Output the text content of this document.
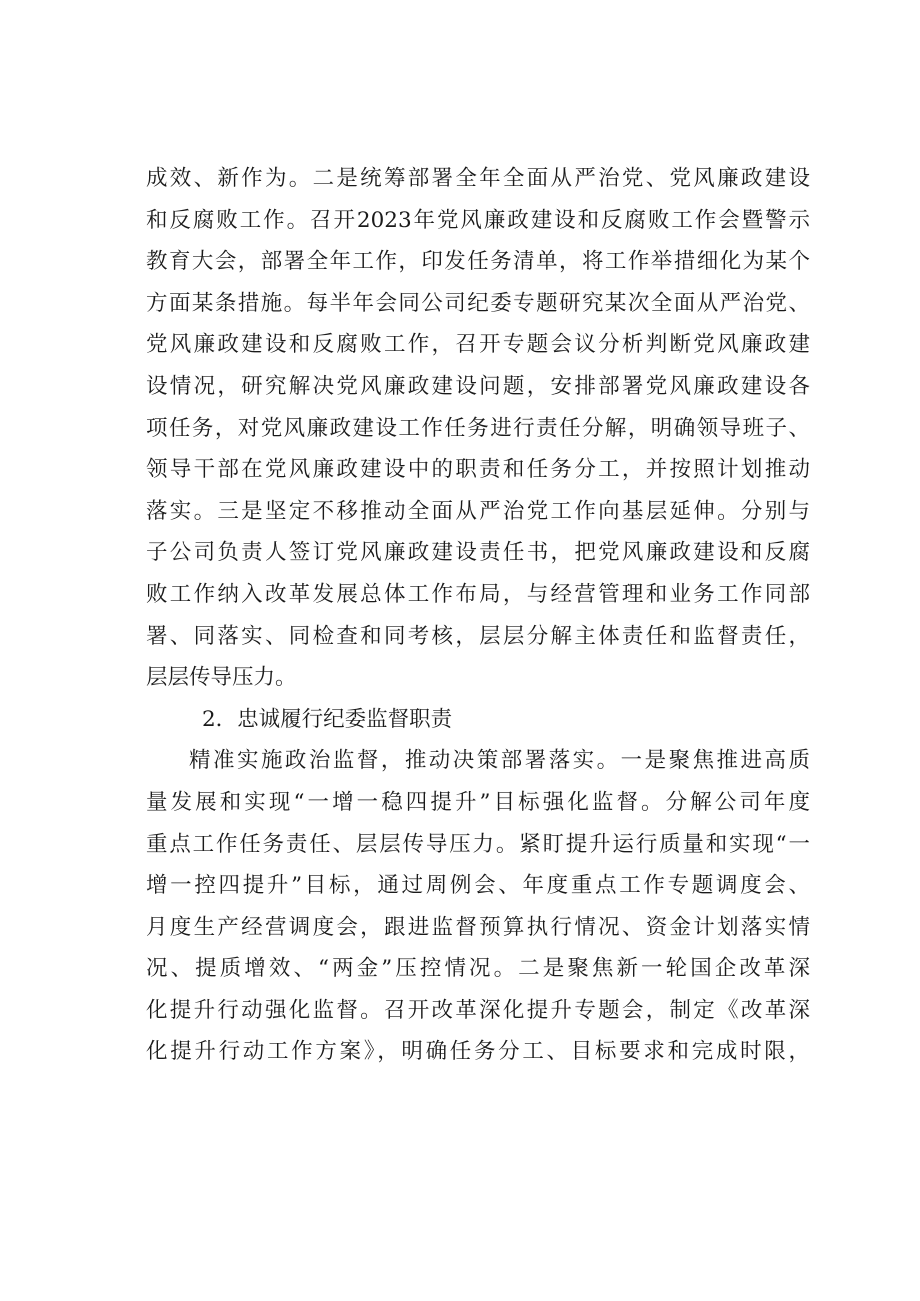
成效、新作为。二是统筹部署全年全面从严治党、党风廉政建设
和反腐败工作。召开2023年党风廉政建设和反腐败工作会暨警示
教育大会，部署全年工作，印发任务清单，将工作举措细化为某个
方面某条措施。每半年会同公司纪委专题研究某次全面从严治党、
党风廉政建设和反腐败工作，召开专题会议分析判断党风廉政建
设情况，研究解决党风廉政建设问题，安排部署党风廉政建设各
项任务，对党风廉政建设工作任务进行责任分解，明确领导班子、
领导干部在党风廉政建设中的职责和任务分工，并按照计划推动
落实。三是坚定不移推动全面从严治党工作向基层延伸。分别与
子公司负责人签订党风廉政建设责任书，把党风廉政建设和反腐
败工作纳入改革发展总体工作布局，与经营管理和业务工作同部
署、同落实、同检查和同考核，层层分解主体责任和监督责任，
层层传导压力。
2．忠诚履行纪委监督职责
精准实施政治监督，推动决策部署落实。一是聚焦推进高质
量发展和实现“一增一稳四提升”目标强化监督。分解公司年度
重点工作任务责任、层层传导压力。紧盯提升运行质量和实现“一
增一控四提升”目标，通过周例会、年度重点工作专题调度会、
月度生产经营调度会，跟进监督预算执行情况、资金计划落实情
况、提质增效、“两金”压控情况。二是聚焦新一轮国企改革深
化提升行动强化监督。召开改革深化提升专题会，制定《改革深
化提升行动工作方案》，明确任务分工、目标要求和完成时限，
